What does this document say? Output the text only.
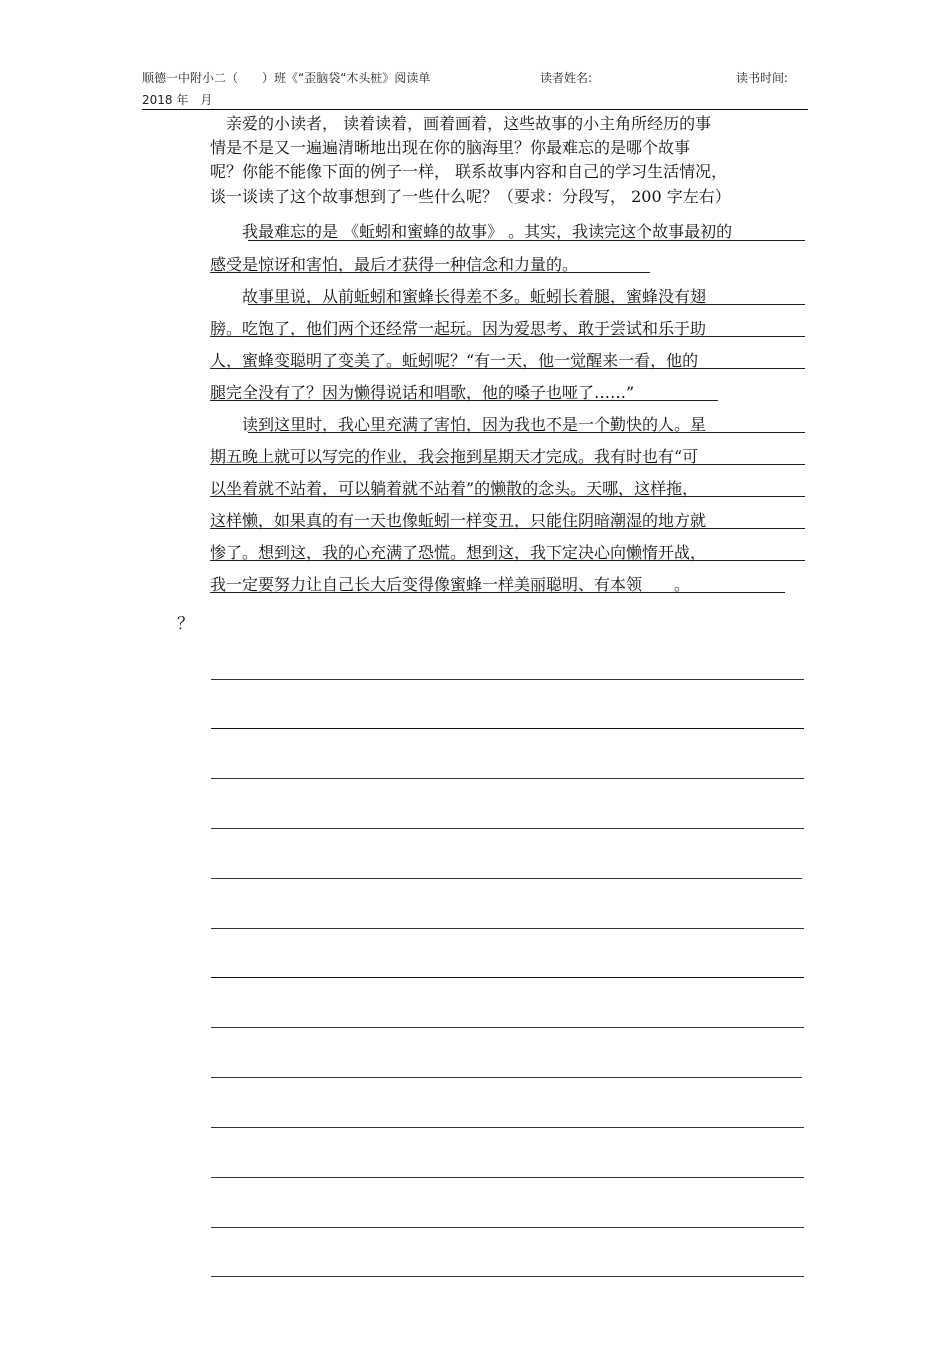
顺德一中附小二（　　）班《“歪脑袋“木头桩》阅读单	读者姓名:	读书时间:
2018 年　月
　亲爱的小读者， 读着读着，画着画着，这些故事的小主角所经历的事
情是不是又一遍遍清晰地出现在你的脑海里？你最难忘的是哪个故事
呢？你能不能像下面的例子一样， 联系故事内容和自己的学习生活情况，
谈一谈读了这个故事想到了一些什么呢？（要求：分段写， 200 字左右）
　　我最难忘的是 《蚯蚓和蜜蜂的故事》 。其实，我读完这个故事最初的
感受是惊讶和害怕，最后才获得一种信念和力量的。
　　故事里说，从前蚯蚓和蜜蜂长得差不多。蚯蚓长着腿，蜜蜂没有翅
膀。吃饱了，他们两个还经常一起玩。因为爱思考、敢于尝试和乐于助
人，蜜蜂变聪明了变美了。蚯蚓呢？“有一天，他一觉醒来一看，他的
腿完全没有了？因为懒得说话和唱歌，他的嗓子也哑了……”
　　读到这里时，我心里充满了害怕，因为我也不是一个勤快的人。星
期五晚上就可以写完的作业，我会拖到星期天才完成。我有时也有“可
以坐着就不站着，可以躺着就不站着”的懒散的念头。天哪，这样拖，
这样懒，如果真的有一天也像蚯蚓一样变丑，只能住阴暗潮湿的地方就
惨了。想到这，我的心充满了恐慌。想到这，我下定决心向懒惰开战，
我一定要努力让自己长大后变得像蜜蜂一样美丽聪明、有本领　　。
？
